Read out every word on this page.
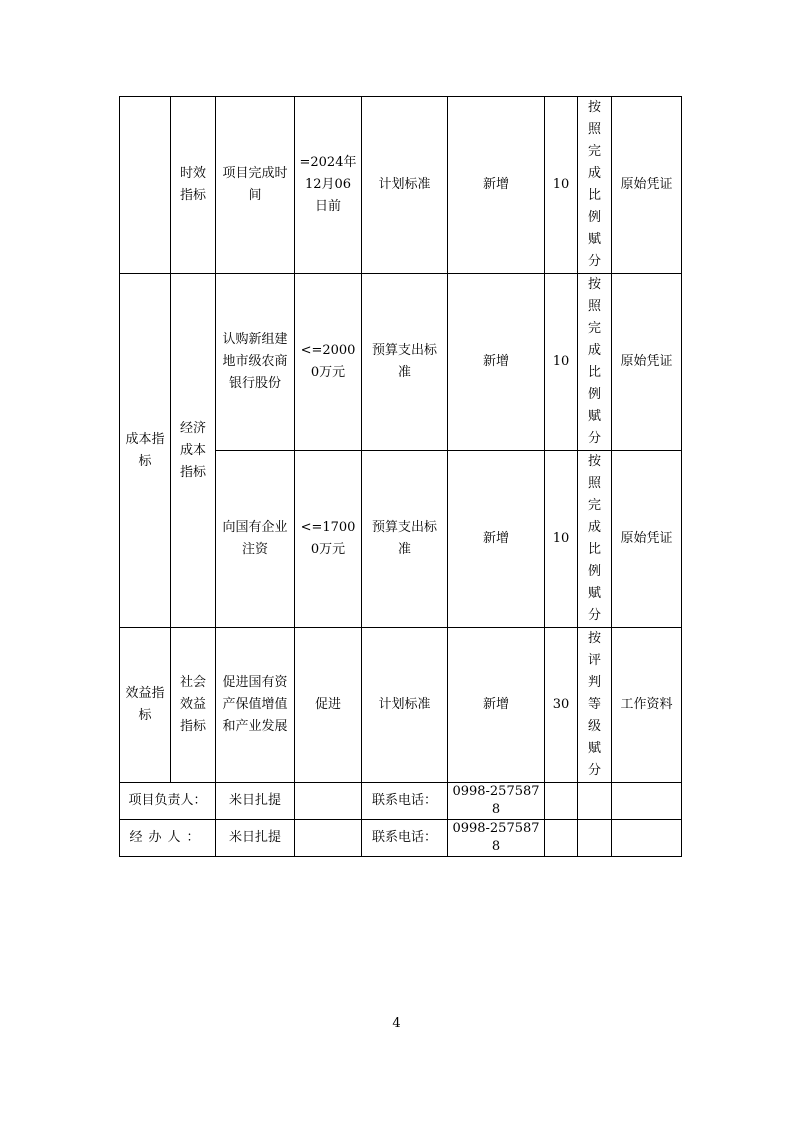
	时效指标	项目完成时间	=2024年12月06日前	计划标准	新增	10	按照完成比例赋分	原始凭证
成本指标	经济成本指标	认购新组建地市级农商银行股份	<=20000万元	预算支出标准	新增	10	按照完成比例赋分	原始凭证
		向国有企业注资	<=17000万元	预算支出标准	新增	10	按照完成比例赋分	原始凭证
效益指标	社会效益指标	促进国有资产保值增值和产业发展	促进	计划标准	新增	30	按评判等级赋分	工作资料
项目负责人：		米日扎提		联系电话：	0998-2575878			
经办人：		米日扎提		联系电话：	0998-2575878			
4
